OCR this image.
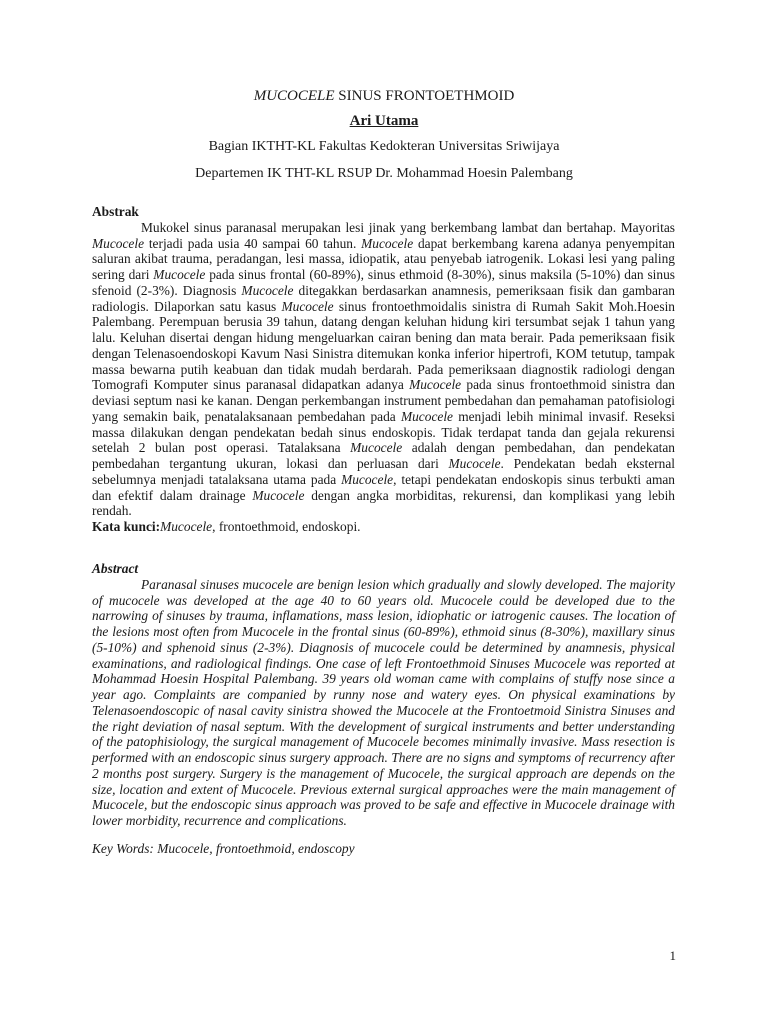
MUCOCELE SINUS FRONTOETHMOID

Ari Utama

Bagian IKTHT-KL Fakultas Kedokteran Universitas Sriwijaya

Departemen IK THT-KL RSUP Dr. Mohammad Hoesin Palembang

Abstrak

Mukokel sinus paranasal merupakan lesi jinak yang berkembang lambat dan bertahap. Mayoritas Mucocele terjadi pada usia 40 sampai 60 tahun. Mucocele dapat berkembang karena adanya penyempitan saluran akibat trauma, peradangan, lesi massa, idiopatik, atau penyebab iatrogenik. Lokasi lesi yang paling sering dari Mucocele pada sinus frontal (60-89%), sinus ethmoid (8-30%), sinus maksila (5-10%) dan sinus sfenoid (2-3%). Diagnosis Mucocele ditegakkan berdasarkan anamnesis, pemeriksaan fisik dan gambaran radiologis. Dilaporkan satu kasus Mucocele sinus frontoethmoidalis sinistra di Rumah Sakit Moh.Hoesin Palembang. Perempuan berusia 39 tahun, datang dengan keluhan hidung kiri tersumbat sejak 1 tahun yang lalu. Keluhan disertai dengan hidung mengeluarkan cairan bening dan mata berair. Pada pemeriksaan fisik dengan Telenasoendoskopi Kavum Nasi Sinistra ditemukan konka inferior hipertrofi, KOM tetutup, tampak massa bewarna putih keabuan dan tidak mudah berdarah. Pada pemeriksaan diagnostik radiologi dengan Tomografi Komputer sinus paranasal didapatkan adanya Mucocele pada sinus frontoethmoid sinistra dan deviasi septum nasi ke kanan. Dengan perkembangan instrument pembedahan dan pemahaman patofisiologi yang semakin baik, penatalaksanaan pembedahan pada Mucocele menjadi lebih minimal invasif. Reseksi massa dilakukan dengan pendekatan bedah sinus endoskopis. Tidak terdapat tanda dan gejala rekurensi setelah 2 bulan post operasi. Tatalaksana Mucocele adalah dengan pembedahan, dan pendekatan pembedahan tergantung ukuran, lokasi dan perluasan dari Mucocele. Pendekatan bedah eksternal sebelumnya menjadi tatalaksana utama pada Mucocele, tetapi pendekatan endoskopis sinus terbukti aman dan efektif dalam drainage Mucocele dengan angka morbiditas, rekurensi, dan komplikasi yang lebih rendah.

Kata kunci:Mucocele, frontoethmoid, endoskopi.

Abstract

Paranasal sinuses mucocele are benign lesion which gradually and slowly developed. The majority of mucocele was developed at the age 40 to 60 years old. Mucocele could be developed due to the narrowing of sinuses by trauma, inflamations, mass lesion, idiophatic or iatrogenic causes. The location of the lesions most often from Mucocele in the frontal sinus (60-89%), ethmoid sinus (8-30%), maxillary sinus (5-10%) and sphenoid sinus (2-3%). Diagnosis of mucocele could be determined by anamnesis, physical examinations, and radiological findings. One case of left Frontoethmoid Sinuses Mucocele was reported at Mohammad Hoesin Hospital Palembang. 39 years old woman came with complains of stuffy nose since a year ago. Complaints are companied by runny nose and watery eyes. On physical examinations by Telenasoendoscopic of nasal cavity sinistra showed the Mucocele at the Frontoetmoid Sinistra Sinuses and the right deviation of nasal septum. With the development of surgical instruments and better understanding of the patophisiology, the surgical management of Mucocele becomes minimally invasive. Mass resection is performed with an endoscopic sinus surgery approach. There are no signs and symptoms of recurrency after 2 months post surgery. Surgery is the management of Mucocele, the surgical approach are depends on the size, location and extent of Mucocele. Previous external surgical approaches were the main management of Mucocele, but the endoscopic sinus approach was proved to be safe and effective in Mucocele drainage with lower morbidity, recurrence and complications.

Key Words: Mucocele, frontoethmoid, endoscopy

1
